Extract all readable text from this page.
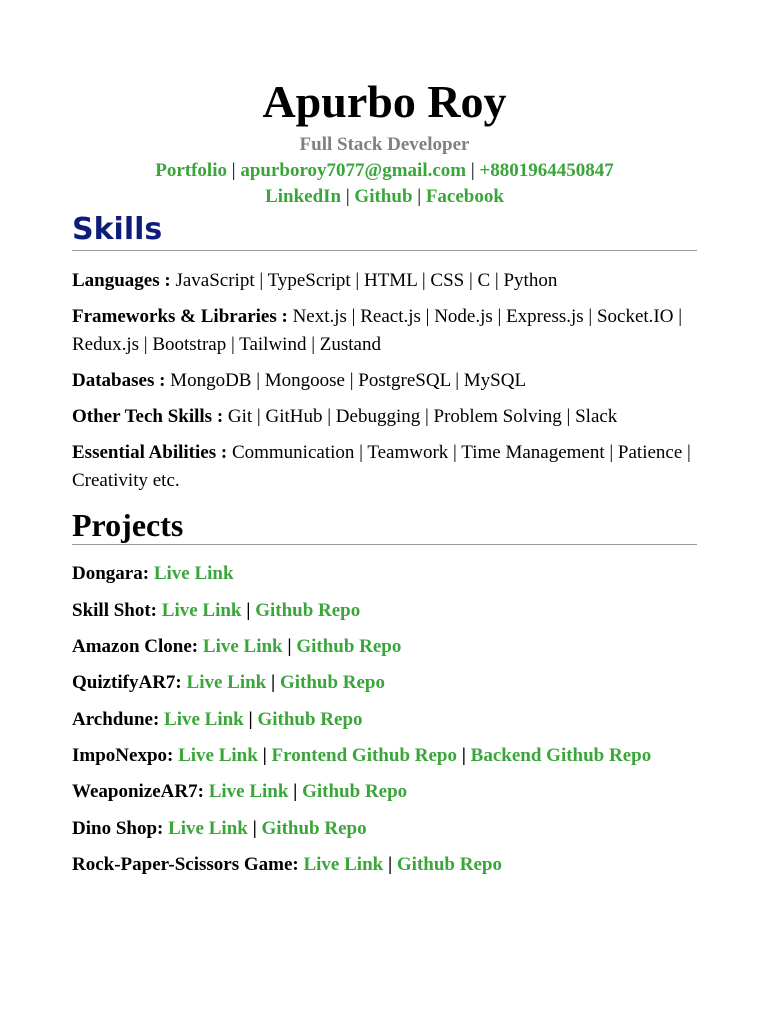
Apurbo Roy
Full Stack Developer
Portfolio | apurboroy7077@gmail.com | +8801964450847
LinkedIn | Github | Facebook
Skills
Languages : JavaScript | TypeScript | HTML | CSS | C | Python
Frameworks & Libraries : Next.js | React.js | Node.js | Express.js | Socket.IO | Redux.js | Bootstrap | Tailwind | Zustand
Databases : MongoDB | Mongoose | PostgreSQL | MySQL
Other Tech Skills : Git | GitHub | Debugging | Problem Solving | Slack
Essential Abilities : Communication | Teamwork | Time Management | Patience | Creativity etc.
Projects
Dongara: Live Link
Skill Shot: Live Link | Github Repo
Amazon Clone: Live Link | Github Repo
QuiztifyAR7: Live Link | Github Repo
Archdune: Live Link | Github Repo
ImpoNexpo: Live Link | Frontend Github Repo | Backend Github Repo
WeaponizeAR7: Live Link | Github Repo
Dino Shop: Live Link | Github Repo
Rock-Paper-Scissors Game: Live Link | Github Repo
